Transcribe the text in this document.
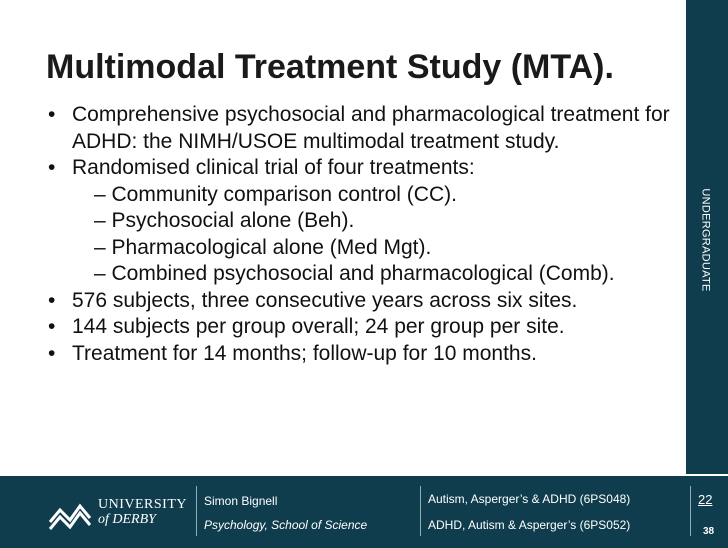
Multimodal Treatment Study (MTA).
• Comprehensive psychosocial and pharmacological treatment for ADHD: the NIMH/USOE multimodal treatment study.
• Randomised clinical trial of four treatments:
– Community comparison control (CC).
– Psychosocial alone (Beh).
– Pharmacological alone (Med Mgt).
– Combined psychosocial and pharmacological (Comb).
• 576 subjects, three consecutive years across six sites.
• 144 subjects per group overall; 24 per group per site.
• Treatment for 14 months; follow-up for 10 months.
UNDERGRADUATE
UNIVERSITY
of DERBY
Simon Bignell
Psychology, School of Science
Autism, Asperger’s & ADHD (6PS048)
ADHD, Autism & Asperger’s (6PS052)
22
38
